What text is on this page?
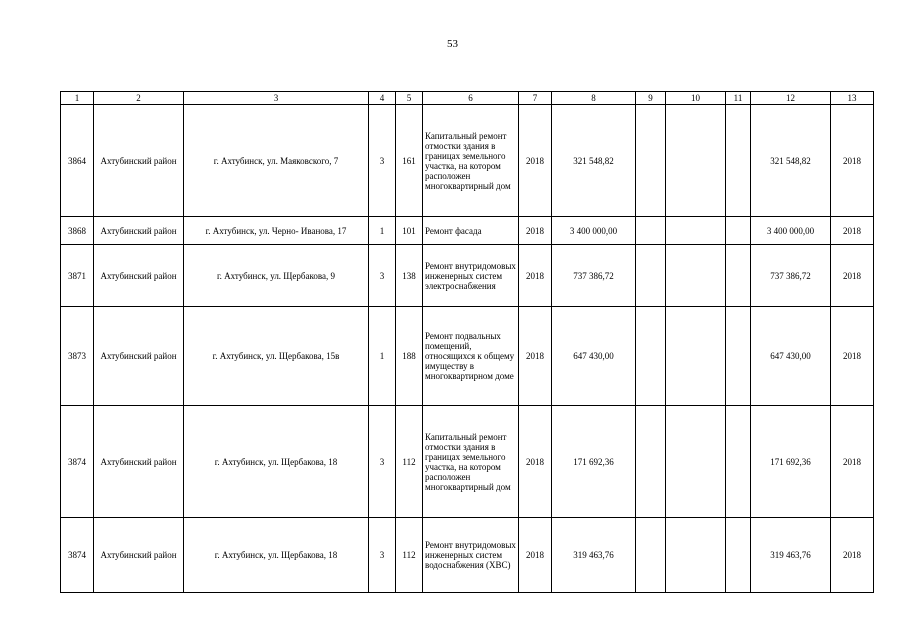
53
1	2	3	4	5	6	7	8	9	10	11	12	13
3864	Ахтубинский район	г. Ахтубинск, ул. Маяковского, 7	3	161	Капитальный ремонт отмостки здания в границах земельного участка, на котором расположен многоквартирный дом	2018	321 548,82				321 548,82	2018
3868	Ахтубинский район	г. Ахтубинск, ул. Черно- Иванова, 17	1	101	Ремонт фасада	2018	3 400 000,00				3 400 000,00	2018
3871	Ахтубинский район	г. Ахтубинск, ул. Щербакова, 9	3	138	Ремонт внутридомовых инженерных систем электроснабжения	2018	737 386,72				737 386,72	2018
3873	Ахтубинский район	г. Ахтубинск, ул. Щербакова, 15в	1	188	Ремонт подвальных помещений, относящихся к общему имуществу в многоквартирном доме	2018	647 430,00				647 430,00	2018
3874	Ахтубинский район	г. Ахтубинск, ул. Щербакова, 18	3	112	Капитальный ремонт отмостки здания в границах земельного участка, на котором расположен многоквартирный дом	2018	171 692,36				171 692,36	2018
3874	Ахтубинский район	г. Ахтубинск, ул. Щербакова, 18	3	112	Ремонт внутридомовых инженерных систем водоснабжения (ХВС)	2018	319 463,76				319 463,76	2018
